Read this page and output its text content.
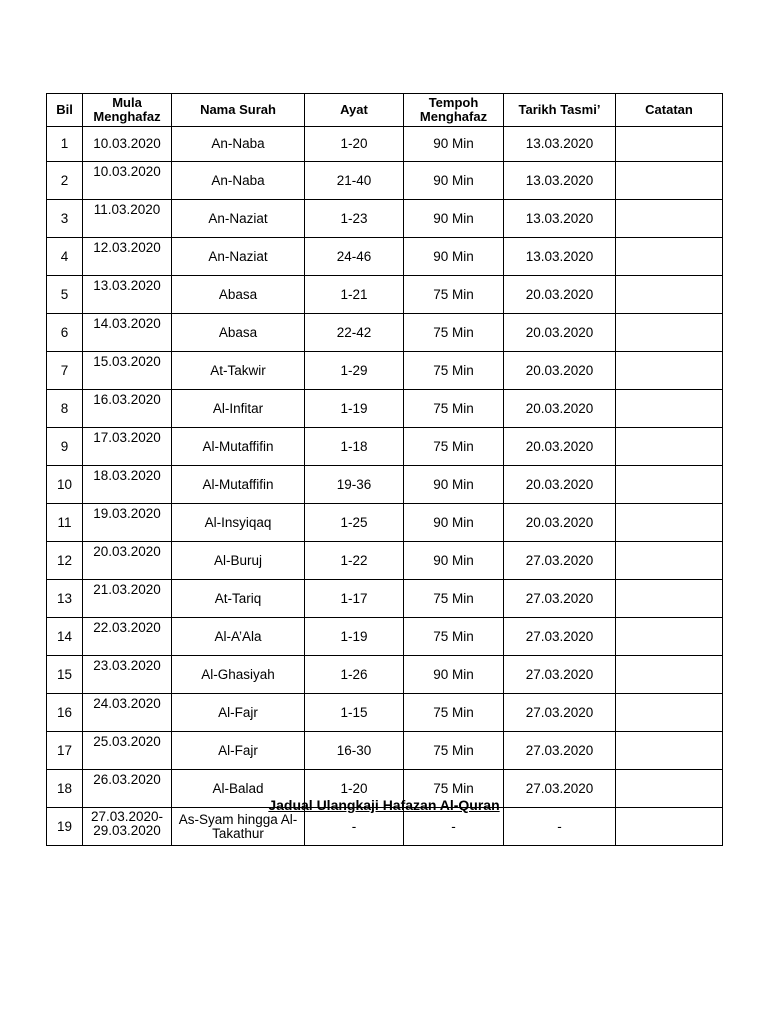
Bil	Mula Menghafaz	Nama Surah	Ayat	Tempoh Menghafaz	Tarikh Tasmi’	Catatan
1	10.03.2020	An-Naba	1-20	90 Min	13.03.2020	
2	10.03.2020	An-Naba	21-40	90 Min	13.03.2020	
3	11.03.2020	An-Naziat	1-23	90 Min	13.03.2020	
4	12.03.2020	An-Naziat	24-46	90 Min	13.03.2020	
5	13.03.2020	Abasa	1-21	75 Min	20.03.2020	
6	14.03.2020	Abasa	22-42	75 Min	20.03.2020	
7	15.03.2020	At-Takwir	1-29	75 Min	20.03.2020	
8	16.03.2020	Al-Infitar	1-19	75 Min	20.03.2020	
9	17.03.2020	Al-Mutaffifin	1-18	75 Min	20.03.2020	
10	18.03.2020	Al-Mutaffifin	19-36	90 Min	20.03.2020	
11	19.03.2020	Al-Insyiqaq	1-25	90 Min	20.03.2020	
12	20.03.2020	Al-Buruj	1-22	90 Min	27.03.2020	
13	21.03.2020	At-Tariq	1-17	75 Min	27.03.2020	
14	22.03.2020	Al-A’Ala	1-19	75 Min	27.03.2020	
15	23.03.2020	Al-Ghasiyah	1-26	90 Min	27.03.2020	
16	24.03.2020	Al-Fajr	1-15	75 Min	27.03.2020	
17	25.03.2020	Al-Fajr	16-30	75 Min	27.03.2020	
18	26.03.2020	Al-Balad	1-20	75 Min	27.03.2020	
19	27.03.2020- 29.03.2020	As-Syam hingga Al-Takathur	-	-	-	
Jadual Ulangkaji Hafazan Al-Quran
